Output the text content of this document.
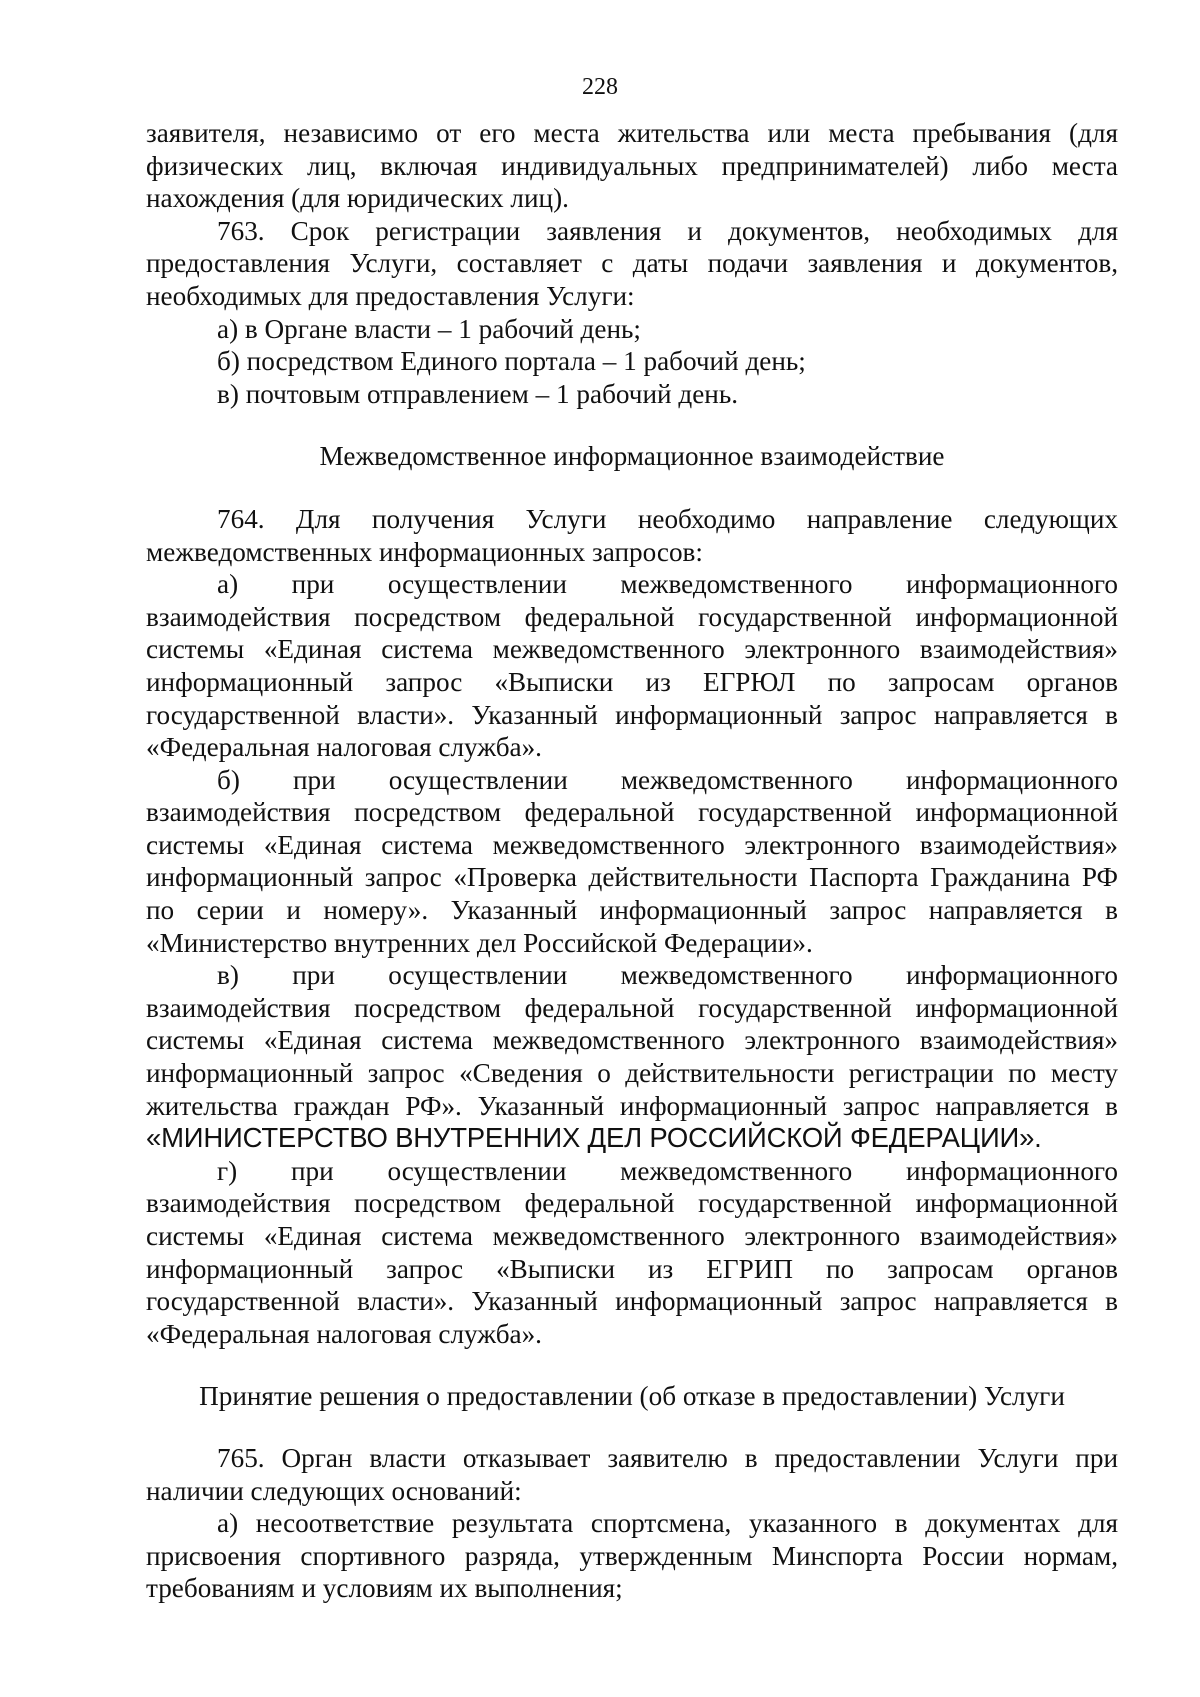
228

заявителя, независимо от его места жительства или места пребывания (для физических лиц, включая индивидуальных предпринимателей) либо места нахождения (для юридических лиц).

763. Срок регистрации заявления и документов, необходимых для предоставления Услуги, составляет с даты подачи заявления и документов, необходимых для предоставления Услуги:

а) в Органе власти – 1 рабочий день;

б) посредством Единого портала – 1 рабочий день;

в) почтовым отправлением – 1 рабочий день.

Межведомственное информационное взаимодействие

764. Для получения Услуги необходимо направление следующих межведомственных информационных запросов:

а) при осуществлении межведомственного информационного взаимодействия посредством федеральной государственной информационной системы «Единая система межведомственного электронного взаимодействия» информационный запрос «Выписки из ЕГРЮЛ по запросам органов государственной власти». Указанный информационный запрос направляется в «Федеральная налоговая служба».

б) при осуществлении межведомственного информационного взаимодействия посредством федеральной государственной информационной системы «Единая система межведомственного электронного взаимодействия» информационный запрос «Проверка действительности Паспорта Гражданина РФ по серии и номеру». Указанный информационный запрос направляется в «Министерство внутренних дел Российской Федерации».

в) при осуществлении межведомственного информационного взаимодействия посредством федеральной государственной информационной системы «Единая система межведомственного электронного взаимодействия» информационный запрос «Сведения о действительности регистрации по месту жительства граждан РФ». Указанный информационный запрос направляется в «МИНИСТЕРСТВО ВНУТРЕННИХ ДЕЛ РОССИЙСКОЙ ФЕДЕРАЦИИ».

г) при осуществлении межведомственного информационного взаимодействия посредством федеральной государственной информационной системы «Единая система межведомственного электронного взаимодействия» информационный запрос «Выписки из ЕГРИП по запросам органов государственной власти». Указанный информационный запрос направляется в «Федеральная налоговая служба».

Принятие решения о предоставлении (об отказе в предоставлении) Услуги

765. Орган власти отказывает заявителю в предоставлении Услуги при наличии следующих оснований:

а) несоответствие результата спортсмена, указанного в документах для присвоения спортивного разряда, утвержденным Минспорта России нормам, требованиям и условиям их выполнения;
